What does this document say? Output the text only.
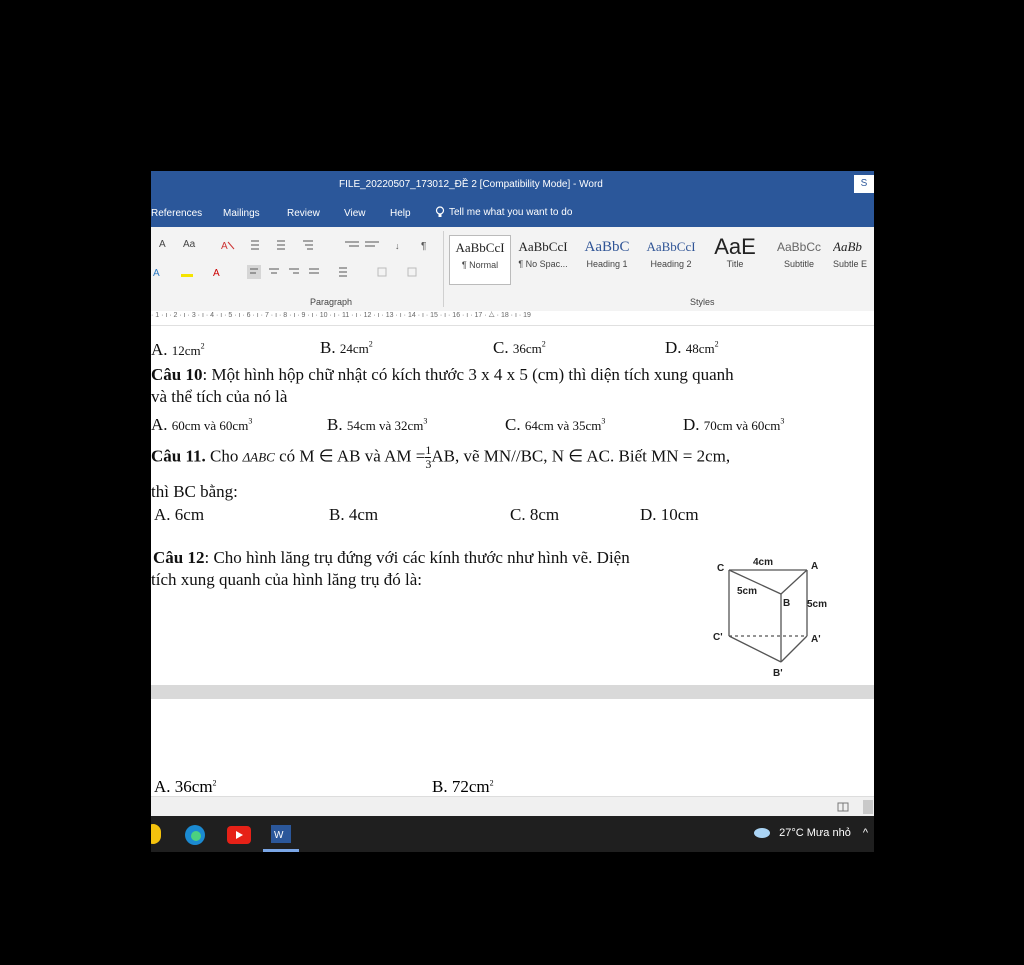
FILE_20220507_173012_ĐỀ 2 [Compatibility Mode] - Word	S
References Mailings	Review View Help	Tell me what you want to do
A Aa	A	↓ ¶
A	A
Paragraph	Styles
AaBbCcI
¶ Normal
AaBbCcI
¶ No Spac...
AaBbC
Heading 1
AaBbCcI
Heading 2
AaE
Title
AaBbCc
Subtitle
AaBb
Subtle E
· 1 · ı · 2 · ı · 3 · ı · 4 · ı · 5 · ı · 6 · ı · 7 · ı · 8 · ı · 9 · ı · 10 · ı · 11 · ı · 12 · ı · 13 · ı · 14 · ı · 15 · ı · 16 · ı · 17 · ⧊ · 18 · ı · 19
A. $12cm^2$	B. $24cm^2$	C. $36cm^2$	D. $48cm^2$
Câu 10: Một hình hộp chữ nhật có kích thước 3 x 4 x 5 (cm) thì diện tích xung quanh
và thể tích của nó là
A. 60cm và $60cm^3$	B. 54cm và $32cm^3$	C. 64cm và $35cm^3$	D. 70cm và $60cm^3$
Câu 11. Cho ΔABC có M ∈ AB và AM = $\frac{1}{3}$ AB, vẽ MN//BC, N ∈ AC. Biết MN = 2cm,
thì BC bằng:
A. 6cm	B. 4cm	C. 8cm	D. 10cm
Câu 12: Cho hình lăng trụ đứng với các kính thước như hình vẽ. Diện
tích xung quanh của hình lăng trụ đó là:
C	A
B
C'	A'
B'
4cm
5cm
5cm
A. $36cm^2$	B. $72cm^2$
W	27°C Mưa nhỏ ^
